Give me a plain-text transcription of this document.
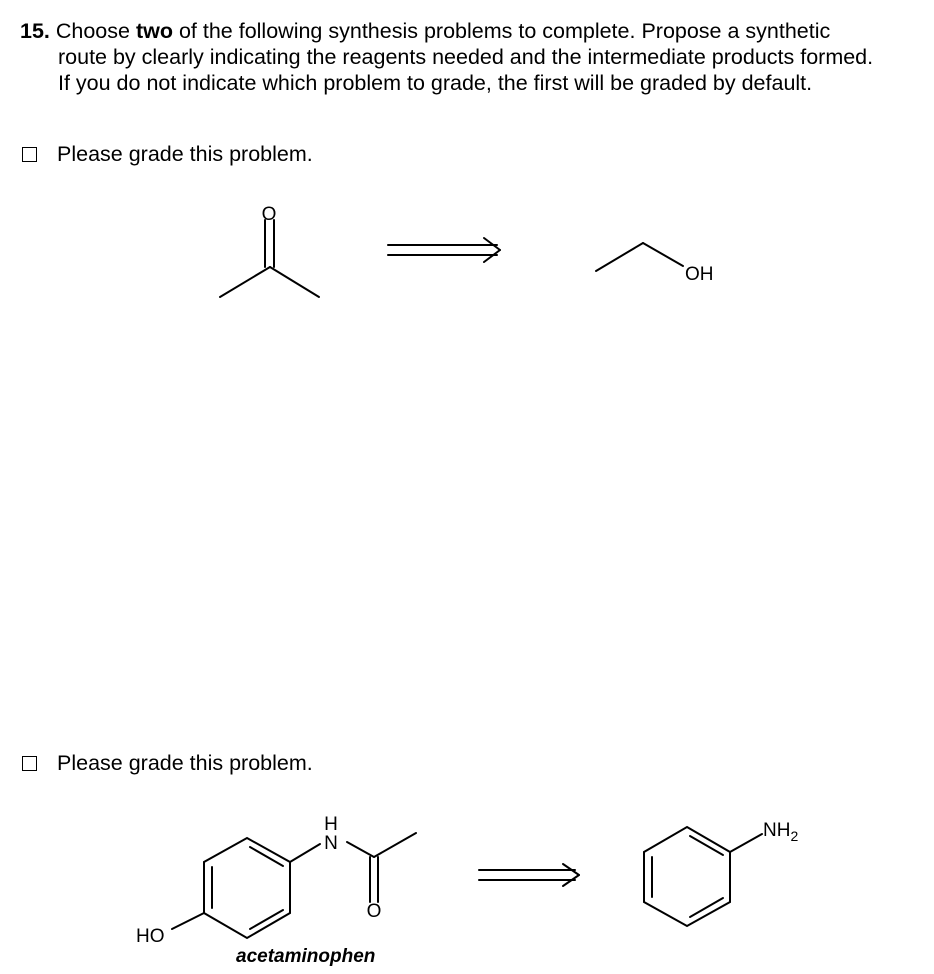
15. Choose two of the following synthesis problems to complete. Propose a synthetic
route by clearly indicating the reagents needed and the intermediate products formed.
If you do not indicate which problem to grade, the first will be graded by default.
Please grade this problem.
Please grade this problem.
O
OH
H
N
O
HO
$NH_2$
acetaminophen
